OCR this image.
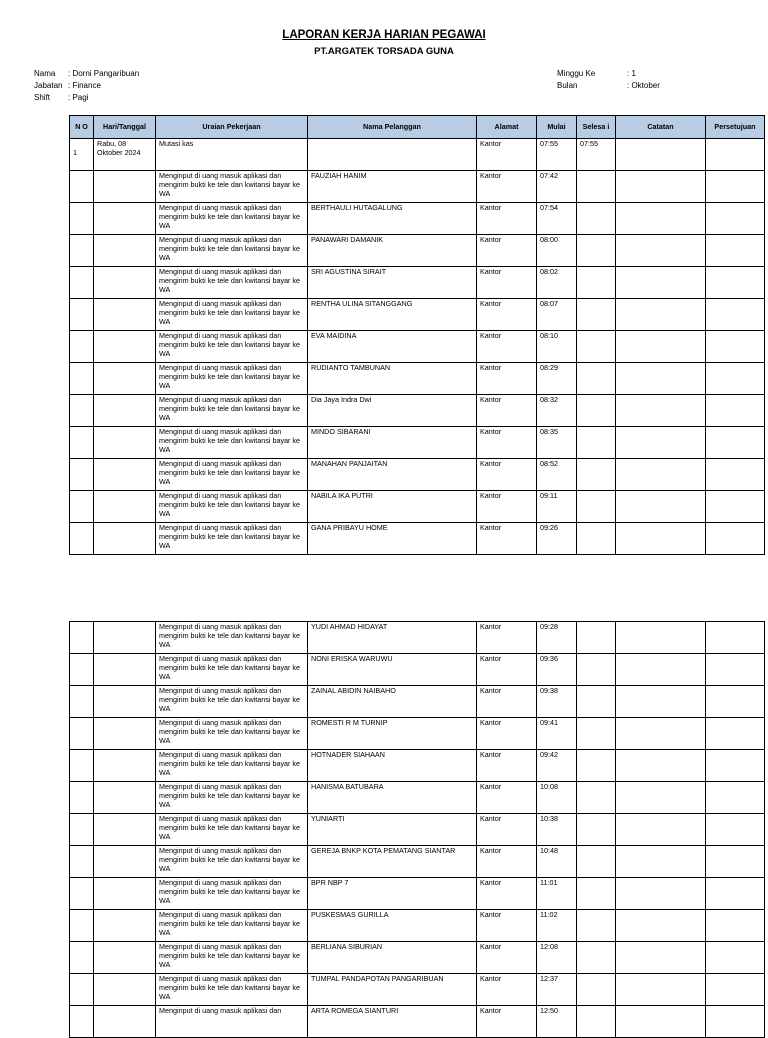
LAPORAN KERJA HARIAN PEGAWAI
PT.ARGATEK TORSADA GUNA
Nama	: Dorni Pangaribuan
Jabatan : Finance
Shift	: Pagi
Minggu Ke	: 1
Bulan	: Oktober
N O	Hari/Tanggal	Uraian Pekerjaan	Nama Pelanggan	Alamat	Mulai	Selesa i	Catatan	Persetujuan

1	Rabu, 08 Oktober 2024	Mutasi kas		Kantor	07:55	07:55		

		Menginput di uang masuk aplikasi dan mengirim bukti ke tele dan kwitansi bayar ke WA	FAUZIAH HANIM	Kantor	07:42			

		Menginput di uang masuk aplikasi dan mengirim bukti ke tele dan kwitansi bayar ke WA	BERTHAULI HUTAGALUNG	Kantor	07:54			

		Menginput di uang masuk aplikasi dan mengirim bukti ke tele dan kwitansi bayar ke WA	PANAWARI DAMANIK	Kantor	08:00			

		Menginput di uang masuk aplikasi dan mengirim bukti ke tele dan kwitansi bayar ke WA	SRI AGUSTINA SIRAIT	Kantor	08:02			

		Menginput di uang masuk aplikasi dan mengirim bukti ke tele dan kwitansi bayar ke WA	RENTHA ULINA SITANGGANG	Kantor	08:07			

		Menginput di uang masuk aplikasi dan mengirim bukti ke tele dan kwitansi bayar ke WA	EVA MAIDINA	Kantor	08:10			

		Menginput di uang masuk aplikasi dan mengirim bukti ke tele dan kwitansi bayar ke WA	RUDIANTO TAMBUNAN	Kantor	08:29			

		Menginput di uang masuk aplikasi dan mengirim bukti ke tele dan kwitansi bayar ke WA	Dia Jaya Indra Dwi	Kantor	08:32			

		Menginput di uang masuk aplikasi dan mengirim bukti ke tele dan kwitansi bayar ke WA	MINDO SIBARANI	Kantor	08:35			

		Menginput di uang masuk aplikasi dan mengirim bukti ke tele dan kwitansi bayar ke WA	MANAHAN PANJAITAN	Kantor	08:52			

		Menginput di uang masuk aplikasi dan mengirim bukti ke tele dan kwitansi bayar ke WA	NABILA IKA PUTRI	Kantor	09:11			

		Menginput di uang masuk aplikasi dan mengirim bukti ke tele dan kwitansi bayar ke WA	GANA PRIBAYU HOME	Kantor	09:26			
		Menginput di uang masuk aplikasi dan mengirim bukti ke tele dan kwitansi bayar ke WA	YUDI AHMAD HIDAYAT	Kantor	09:28			

		Menginput di uang masuk aplikasi dan mengirim bukti ke tele dan kwitansi bayar ke WA	NONI ERISKA WARUWU	Kantor	09:36			

		Menginput di uang masuk aplikasi dan mengirim bukti ke tele dan kwitansi bayar ke WA	ZAINAL ABIDIN NAIBAHO	Kantor	09:38			

		Menginput di uang masuk aplikasi dan mengirim bukti ke tele dan kwitansi bayar ke WA	ROMESTI R M TURNIP	Kantor	09:41			

		Menginput di uang masuk aplikasi dan mengirim bukti ke tele dan kwitansi bayar ke WA	HOTNADER SIAHAAN	Kantor	09:42			

		Menginput di uang masuk aplikasi dan mengirim bukti ke tele dan kwitansi bayar ke WA	HANISMA BATUBARA	Kantor	10:08			

		Menginput di uang masuk aplikasi dan mengirim bukti ke tele dan kwitansi bayar ke WA	YUNIARTI	Kantor	10:38			

		Menginput di uang masuk aplikasi dan mengirim bukti ke tele dan kwitansi bayar ke WA	GEREJA BNKP KOTA PEMATANG SIANTAR	Kantor	10:48			

		Menginput di uang masuk aplikasi dan mengirim bukti ke tele dan kwitansi bayar ke WA	BPR NBP 7	Kantor	11:01			

		Menginput di uang masuk aplikasi dan mengirim bukti ke tele dan kwitansi bayar ke WA	PUSKESMAS GURILLA	Kantor	11:02			

		Menginput di uang masuk aplikasi dan mengirim bukti ke tele dan kwitansi bayar ke WA	BERLIANA SIBURIAN	Kantor	12:08			

		Menginput di uang masuk aplikasi dan mengirim bukti ke tele dan kwitansi bayar ke WA	TUMPAL PANDAPOTAN PANGARIBUAN	Kantor	12:37			

		Menginput di uang masuk aplikasi dan	ARTA ROMEGA SIANTURI	Kantor	12:50			
